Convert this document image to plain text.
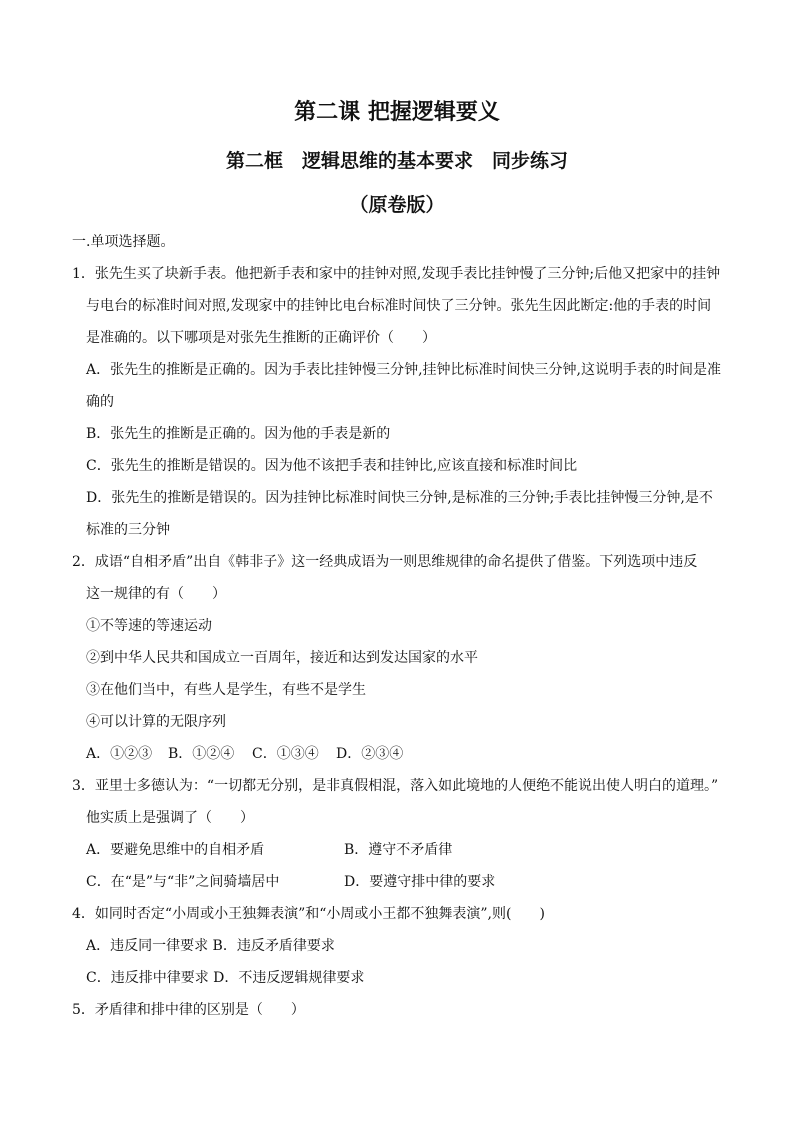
第二课 把握逻辑要义
第二框　逻辑思维的基本要求　同步练习
（原卷版）
一.单项选择题。
1．张先生买了块新手表。他把新手表和家中的挂钟对照,发现手表比挂钟慢了三分钟;后他又把家中的挂钟
与电台的标准时间对照,发现家中的挂钟比电台标准时间快了三分钟。张先生因此断定:他的手表的时间
是准确的。以下哪项是对张先生推断的正确评价（　　）
A．张先生的推断是正确的。因为手表比挂钟慢三分钟,挂钟比标准时间快三分钟,这说明手表的时间是准
确的
B．张先生的推断是正确的。因为他的手表是新的
C．张先生的推断是错误的。因为他不该把手表和挂钟比,应该直接和标准时间比
D．张先生的推断是错误的。因为挂钟比标准时间快三分钟,是标准的三分钟;手表比挂钟慢三分钟,是不
标准的三分钟
2．成语“自相矛盾”出自《韩非子》这一经典成语为一则思维规律的命名提供了借鉴。下列选项中违反
这一规律的有（　　）
①不等速的等速运动
②到中华人民共和国成立一百周年，接近和达到发达国家的水平
③在他们当中，有些人是学生，有些不是学生
④可以计算的无限序列
A．①②③ B．①②④ C．①③④ D．②③④
3．亚里士多德认为：“一切都无分别，是非真假相混，落入如此境地的人便绝不能说出使人明白的道理。”
他实质上是强调了（　　）
A．要避免思维中的自相矛盾	B．遵守不矛盾律
C．在“是”与“非”之间骑墙居中	D．要遵守排中律的要求
4．如同时否定“小周或小王独舞表演”和“小周或小王都不独舞表演”,则(　　)
A．违反同一律要求 B．违反矛盾律要求
C．违反排中律要求 D．不违反逻辑规律要求
5．矛盾律和排中律的区别是（　　）
